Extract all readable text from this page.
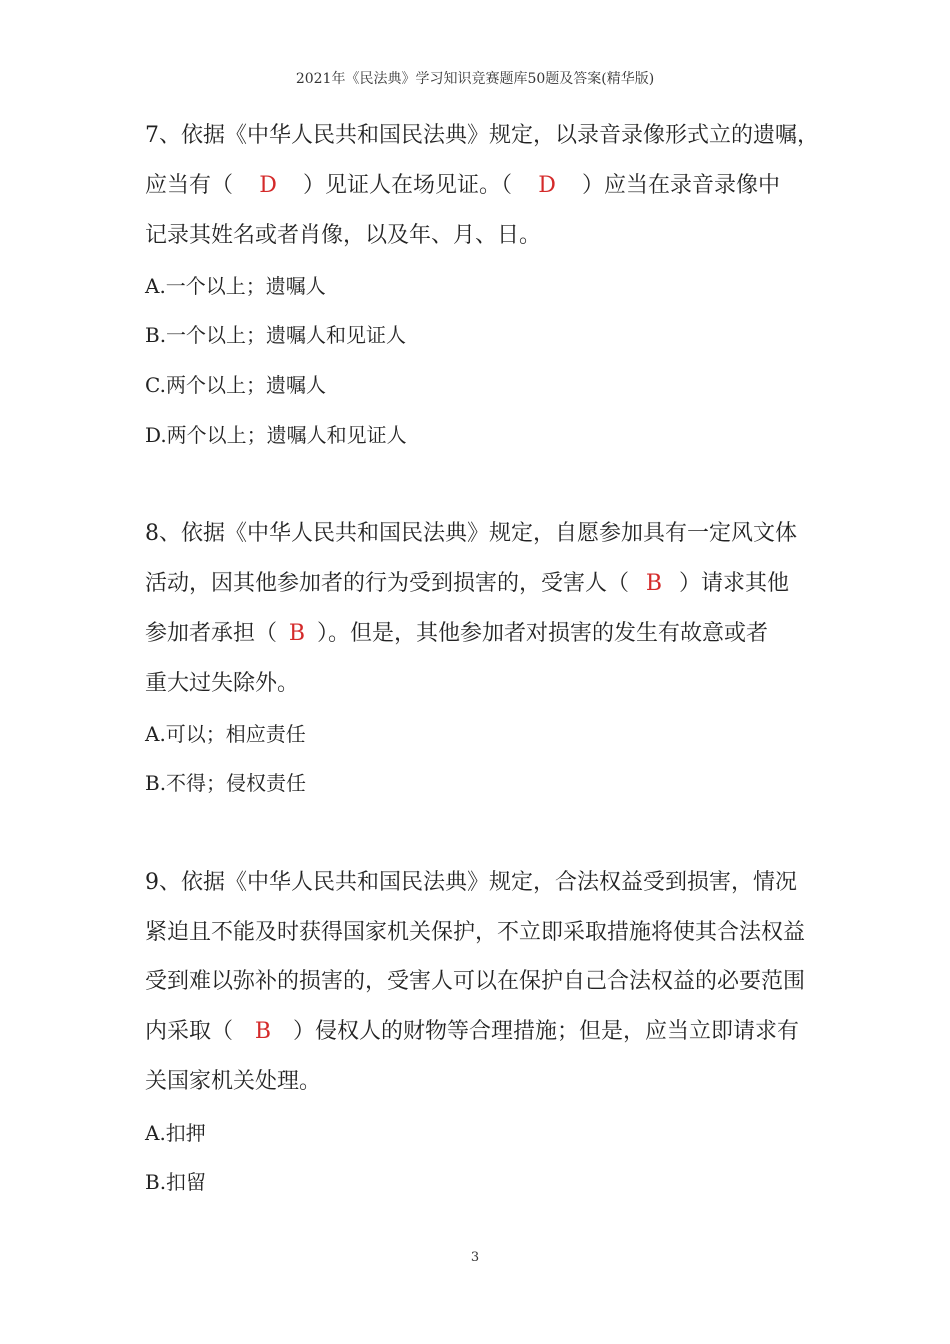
2021年《民法典》学习知识竞赛题库50题及答案(精华版)
7、依据《中华人民共和国民法典》规定，以录音录像形式立的遗嘱，
应当有（ D ）见证人在场见证。（ D ）应当在录音录像中
记录其姓名或者肖像，以及年、月、日。
A.一个以上；遗嘱人
B.一个以上；遗嘱人和见证人
C.两个以上；遗嘱人
D.两个以上；遗嘱人和见证人
8、依据《中华人民共和国民法典》规定，自愿参加具有一定风文体
活动，因其他参加者的行为受到损害的，受害人（ B ）请求其他
参加者承担（ B ）。但是，其他参加者对损害的发生有故意或者
重大过失除外。
A.可以；相应责任
B.不得；侵权责任
9、依据《中华人民共和国民法典》规定，合法权益受到损害，情况
紧迫且不能及时获得国家机关保护，不立即采取措施将使其合法权益
受到难以弥补的损害的，受害人可以在保护自己合法权益的必要范围
内采取（ B ）侵权人的财物等合理措施；但是，应当立即请求有
关国家机关处理。
A.扣押
B.扣留
3
